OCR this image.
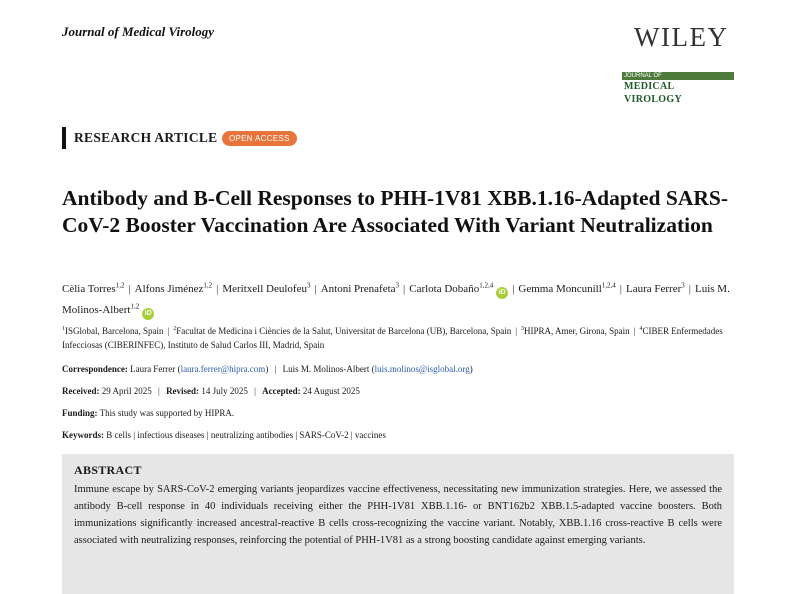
Journal of Medical Virology	WILEY
JOURNAL OF
MEDICAL VIROLOGY
RESEARCH ARTICLE	OPEN ACCESS
Antibody and B-Cell Responses to PHH-1V81 XBB.1.16-Adapted SARS-CoV-2 Booster Vaccination Are Associated With Variant Neutralization
Cèlia Torres$^{1,2}$ | Alfons Jiménez$^{1,2}$ | Meritxell Deulofeu$^3$ | Antoni Prenafeta$^3$ | Carlota Dobaño$^{1,2,4}$iD | Gemma Moncunill$^{1,2,4}$ | Laura Ferrer$^3$ | Luis M. Molinos-Albert$^{1,2}$iD
$^1$ISGlobal, Barcelona, Spain | $^2$Facultat de Medicina i Ciències de la Salut, Universitat de Barcelona (UB), Barcelona, Spain | $^3$HIPRA, Amer, Girona, Spain | $^4$CIBER Enfermedades Infecciosas (CIBERINFEC), Instituto de Salud Carlos III, Madrid, Spain
Correspondence: Laura Ferrer (laura.ferrer@hipra.com) | Luis M. Molinos-Albert (luis.molinos@isglobal.org)
Received: 29 April 2025 | Revised: 14 July 2025 | Accepted: 24 August 2025
Funding: This study was supported by HIPRA.
Keywords: B cells | infectious diseases | neutralizing antibodies | SARS-CoV-2 | vaccines
ABSTRACT

Immune escape by SARS-CoV-2 emerging variants jeopardizes vaccine effectiveness, necessitating new immunization strategies. Here, we assessed the antibody B-cell response in 40 individuals receiving either the PHH-1V81 XBB.1.16- or BNT162b2 XBB.1.5-adapted vaccine boosters. Both immunizations significantly increased ancestral-reactive B cells cross-recognizing the vaccine variant. Notably, XBB.1.16 cross-reactive B cells were associated with neutralizing responses, reinforcing the potential of PHH-1V81 as a strong boosting candidate against emerging variants.
